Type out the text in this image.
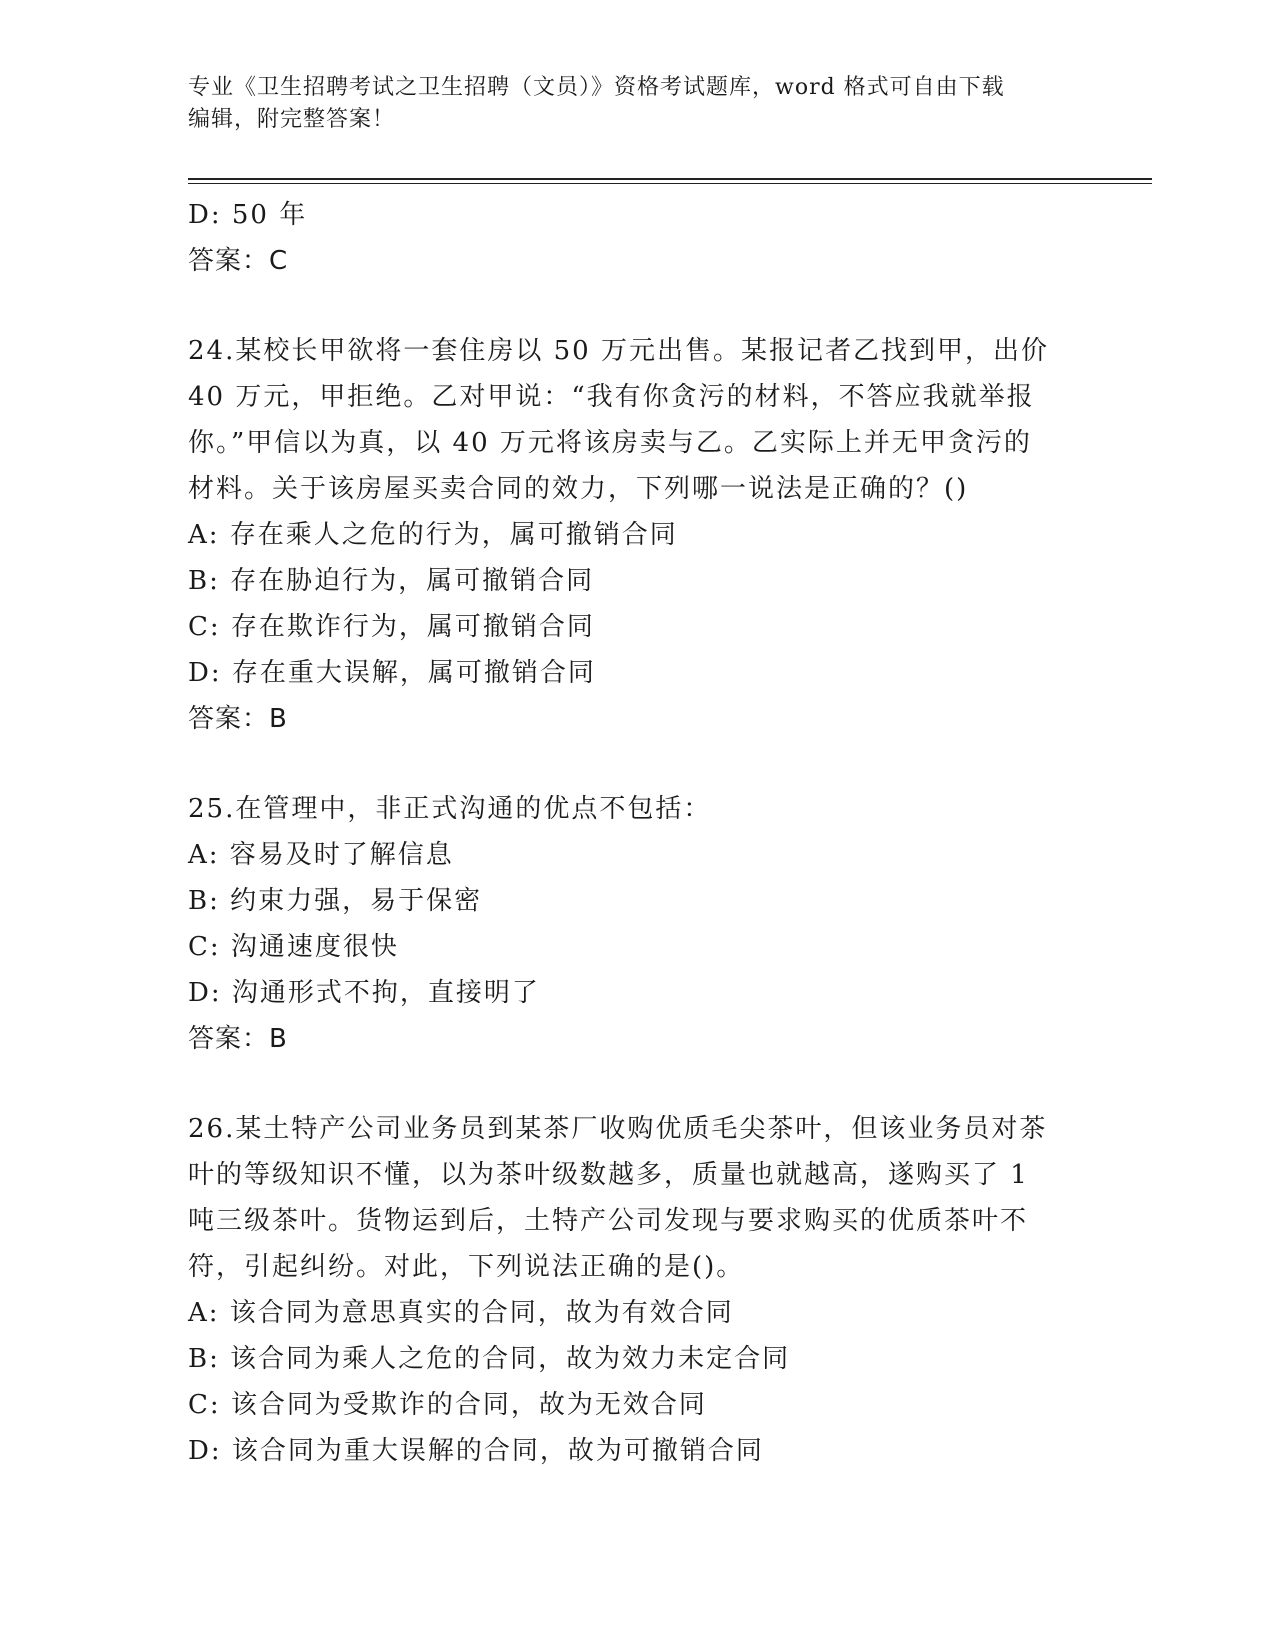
专业《卫生招聘考试之卫生招聘（文员）》资格考试题库，word 格式可自由下载
编辑，附完整答案！
D: 50 年
答案：C
24.某校长甲欲将一套住房以 50 万元出售。某报记者乙找到甲，出价
40 万元，甲拒绝。乙对甲说：“我有你贪污的材料，不答应我就举报
你。”甲信以为真，以 40 万元将该房卖与乙。乙实际上并无甲贪污的
材料。关于该房屋买卖合同的效力，下列哪一说法是正确的？()
A: 存在乘人之危的行为，属可撤销合同
B: 存在胁迫行为，属可撤销合同
C: 存在欺诈行为，属可撤销合同
D: 存在重大误解，属可撤销合同
答案：B
25.在管理中，非正式沟通的优点不包括：
A: 容易及时了解信息
B: 约束力强，易于保密
C: 沟通速度很快
D: 沟通形式不拘，直接明了
答案：B
26.某土特产公司业务员到某茶厂收购优质毛尖茶叶，但该业务员对茶
叶的等级知识不懂，以为茶叶级数越多，质量也就越高，遂购买了 1
吨三级茶叶。货物运到后，土特产公司发现与要求购买的优质茶叶不
符，引起纠纷。对此，下列说法正确的是()。
A: 该合同为意思真实的合同，故为有效合同
B: 该合同为乘人之危的合同，故为效力未定合同
C: 该合同为受欺诈的合同，故为无效合同
D: 该合同为重大误解的合同，故为可撤销合同
